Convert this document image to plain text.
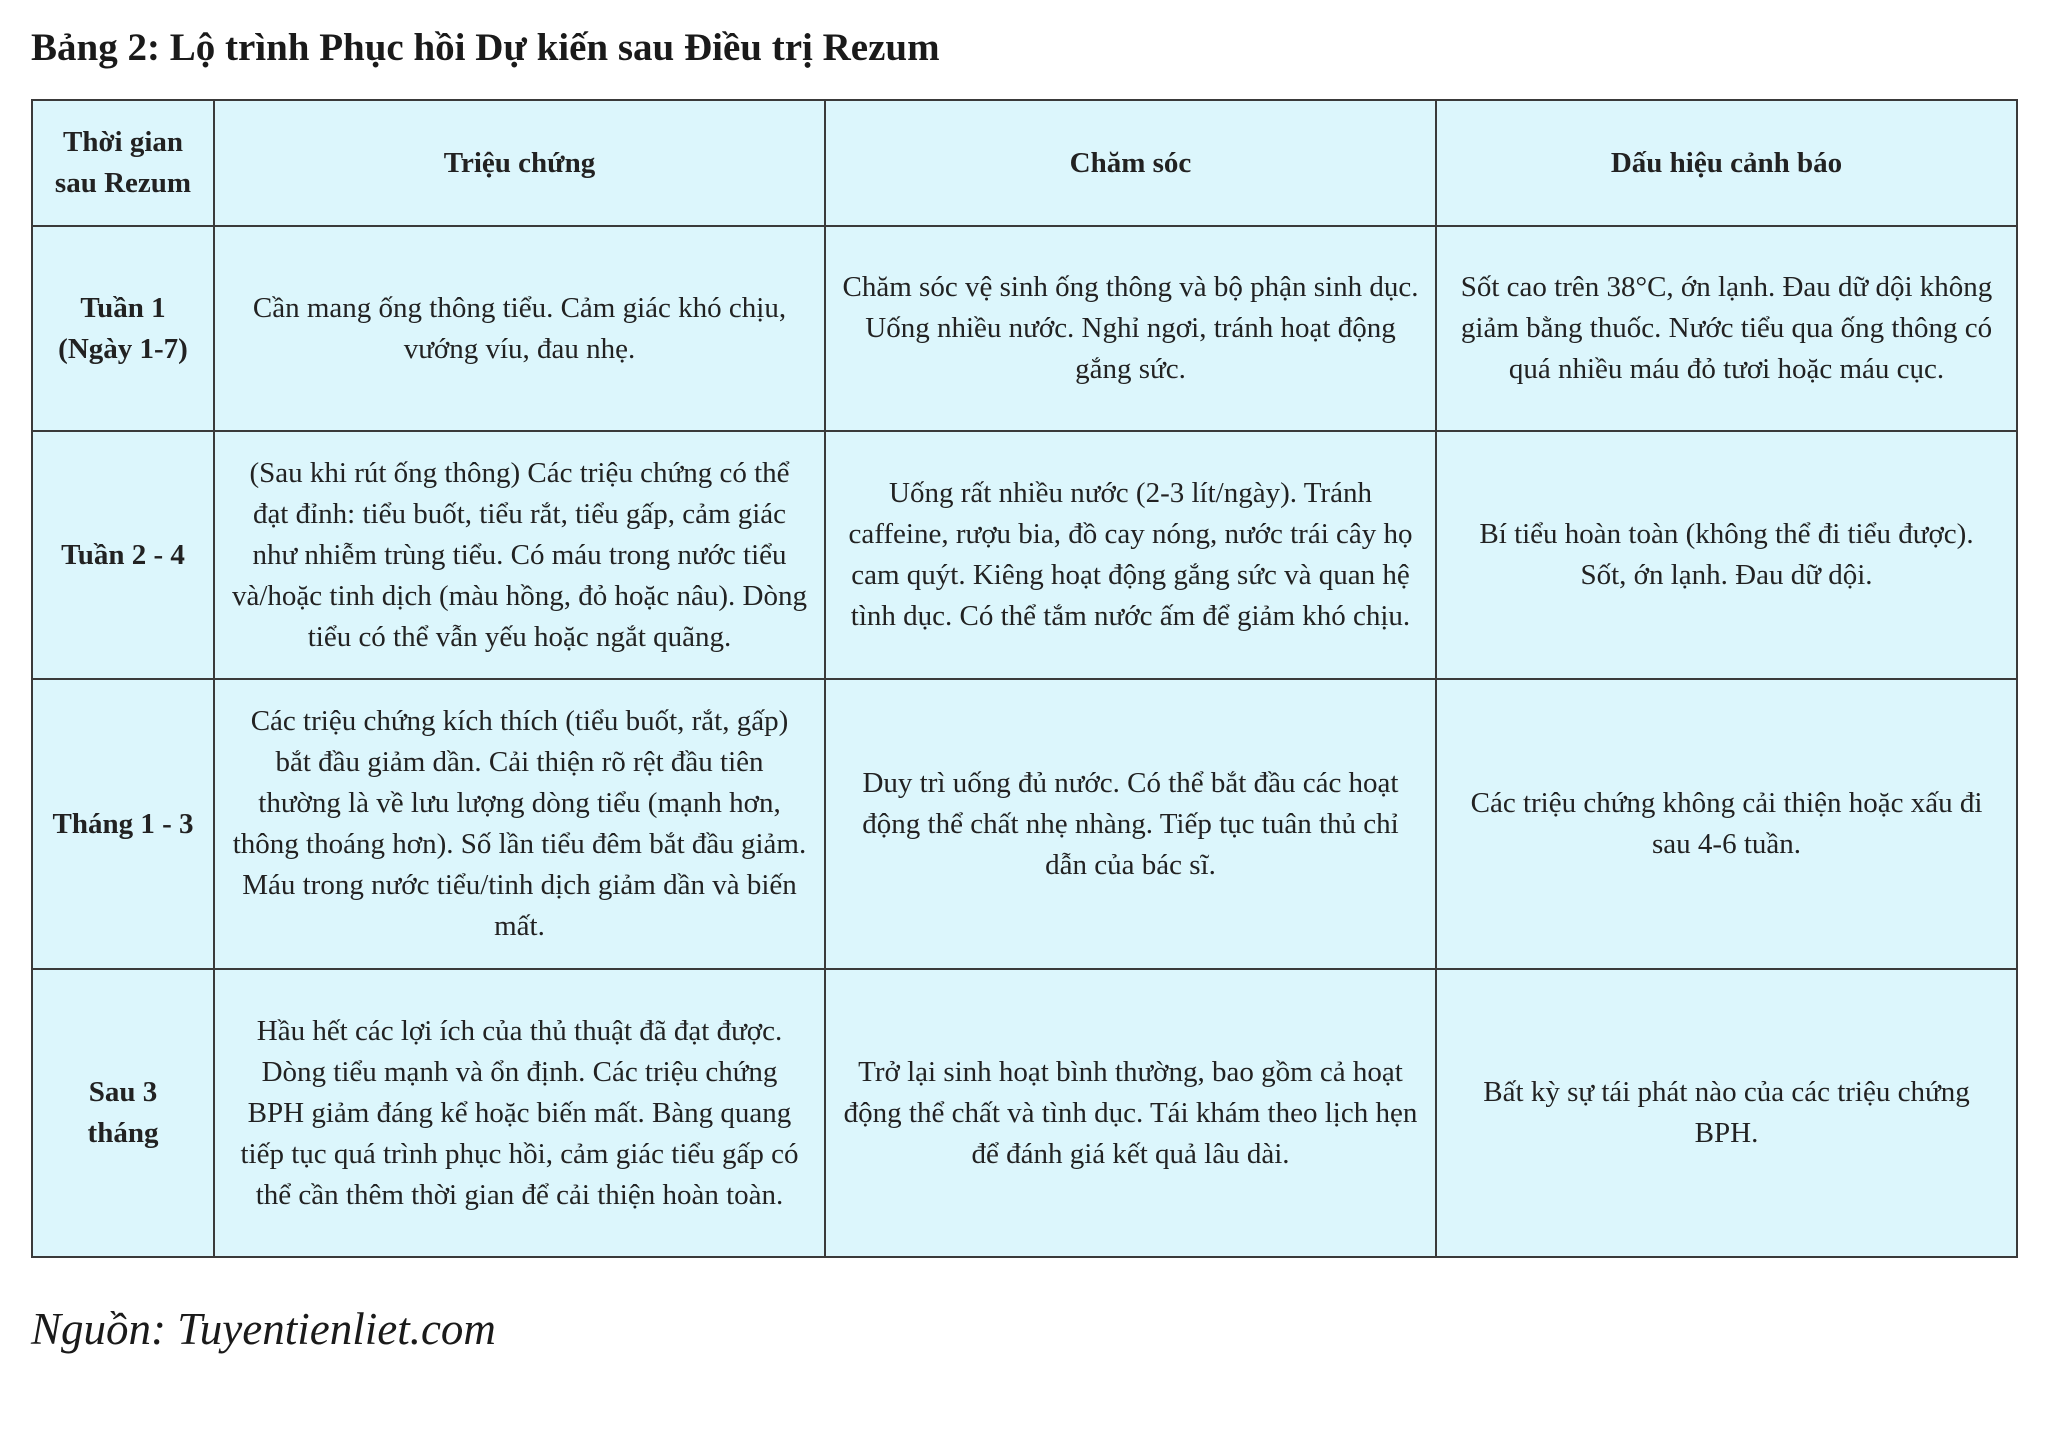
Bảng 2: Lộ trình Phục hồi Dự kiến sau Điều trị Rezum
Thời gian
sau Rezum	Triệu chứng	Chăm sóc	Dấu hiệu cảnh báo

Tuần 1
(Ngày 1-7)	Cần mang ống thông tiểu. Cảm giác khó chịu, vướng víu, đau nhẹ.	Chăm sóc vệ sinh ống thông và bộ phận sinh dục. Uống nhiều nước. Nghỉ ngơi, tránh hoạt động gắng sức.	Sốt cao trên 38°C, ớn lạnh. Đau dữ dội không giảm bằng thuốc. Nước tiểu qua ống thông có quá nhiều máu đỏ tươi hoặc máu cục.

Tuần 2 - 4	(Sau khi rút ống thông) Các triệu chứng có thể đạt đỉnh: tiểu buốt, tiểu rắt, tiểu gấp, cảm giác như nhiễm trùng tiểu. Có máu trong nước tiểu và/hoặc tinh dịch (màu hồng, đỏ hoặc nâu). Dòng tiểu có thể vẫn yếu hoặc ngắt quãng.	Uống rất nhiều nước (2-3 lít/ngày). Tránh caffeine, rượu bia, đồ cay nóng, nước trái cây họ cam quýt. Kiêng hoạt động gắng sức và quan hệ tình dục. Có thể tắm nước ấm để giảm khó chịu.	Bí tiểu hoàn toàn (không thể đi tiểu được). Sốt, ớn lạnh. Đau dữ dội.

Tháng 1 - 3	Các triệu chứng kích thích (tiểu buốt, rắt, gấp) bắt đầu giảm dần. Cải thiện rõ rệt đầu tiên thường là về lưu lượng dòng tiểu (mạnh hơn, thông thoáng hơn). Số lần tiểu đêm bắt đầu giảm. Máu trong nước tiểu/tinh dịch giảm dần và biến mất.	Duy trì uống đủ nước. Có thể bắt đầu các hoạt động thể chất nhẹ nhàng. Tiếp tục tuân thủ chỉ dẫn của bác sĩ.	Các triệu chứng không cải thiện hoặc xấu đi sau 4-6 tuần.

Sau 3
tháng	Hầu hết các lợi ích của thủ thuật đã đạt được. Dòng tiểu mạnh và ổn định. Các triệu chứng BPH giảm đáng kể hoặc biến mất. Bàng quang tiếp tục quá trình phục hồi, cảm giác tiểu gấp có thể cần thêm thời gian để cải thiện hoàn toàn.	Trở lại sinh hoạt bình thường, bao gồm cả hoạt động thể chất và tình dục. Tái khám theo lịch hẹn để đánh giá kết quả lâu dài.	Bất kỳ sự tái phát nào của các triệu chứng BPH.
Nguồn: Tuyentienliet.com
